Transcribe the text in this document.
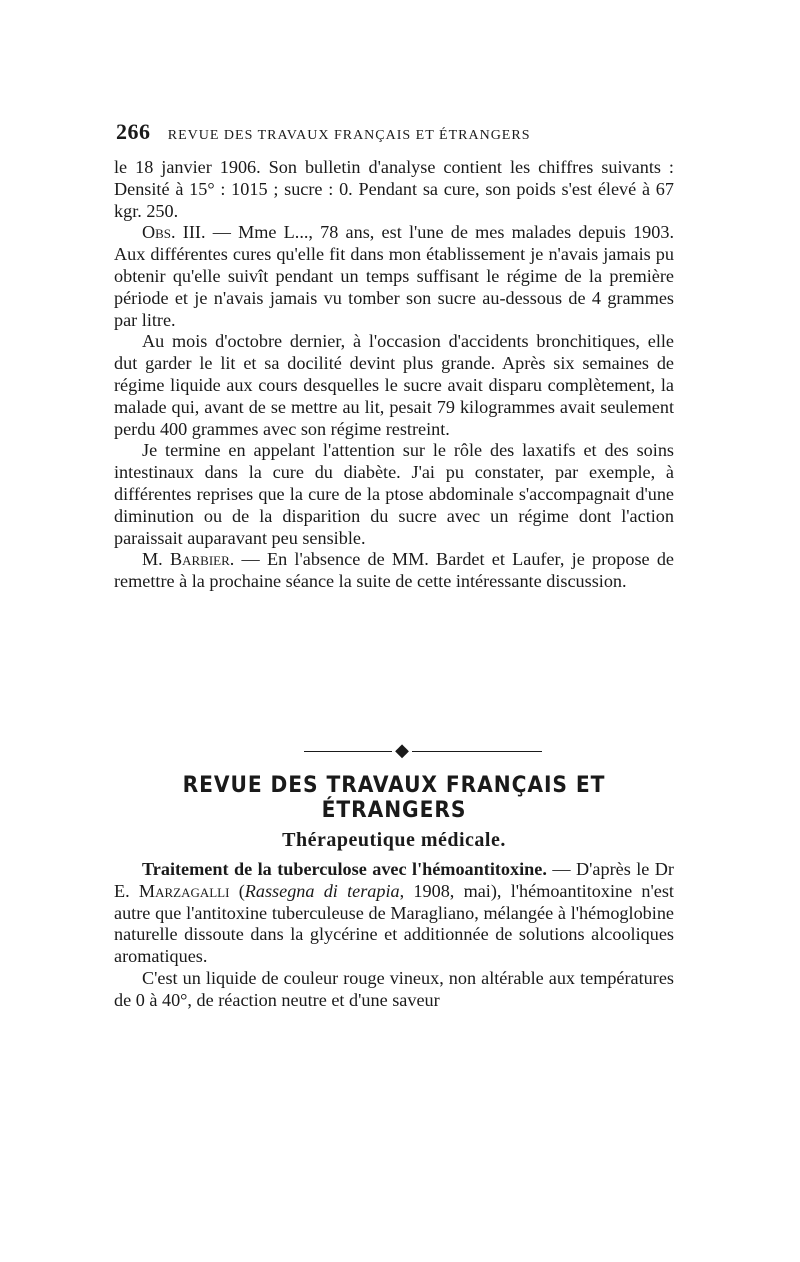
266 REVUE DES TRAVAUX FRANÇAIS ET ÉTRANGERS

le 18 janvier 1906. Son bulletin d'analyse contient les chiffres suivants : Densité à 15° : 1015 ; sucre : 0. Pendant sa cure, son poids s'est élevé à 67 kgr. 250.

Obs. III. — Mme L..., 78 ans, est l'une de mes malades depuis 1903. Aux différentes cures qu'elle fit dans mon établissement je n'avais jamais pu obtenir qu'elle suivît pendant un temps suffisant le régime de la première période et je n'avais jamais vu tomber son sucre au-dessous de 4 grammes par litre.

Au mois d'octobre dernier, à l'occasion d'accidents bronchitiques, elle dut garder le lit et sa docilité devint plus grande. Après six semaines de régime liquide aux cours desquelles le sucre avait disparu complètement, la malade qui, avant de se mettre au lit, pesait 79 kilogrammes avait seulement perdu 400 grammes avec son régime restreint.

Je termine en appelant l'attention sur le rôle des laxatifs et des soins intestinaux dans la cure du diabète. J'ai pu constater, par exemple, à différentes reprises que la cure de la ptose abdominale s'accompagnait d'une diminution ou de la disparition du sucre avec un régime dont l'action paraissait auparavant peu sensible.

M. Barbier. — En l'absence de MM. Bardet et Laufer, je propose de remettre à la prochaine séance la suite de cette intéressante discussion.

◆
REVUE DES TRAVAUX FRANÇAIS ET ÉTRANGERS
Thérapeutique médicale.

Traitement de la tuberculose avec l'hémoantitoxine. — D'après le Dr E. Marzagalli (Rassegna di terapia, 1908, mai), l'hémoantitoxine n'est autre que l'antitoxine tuberculeuse de Maragliano, mélangée à l'hémoglobine naturelle dissoute dans la glycérine et additionnée de solutions alcooliques aromatiques.

C'est un liquide de couleur rouge vineux, non altérable aux températures de 0 à 40°, de réaction neutre et d'une saveur
